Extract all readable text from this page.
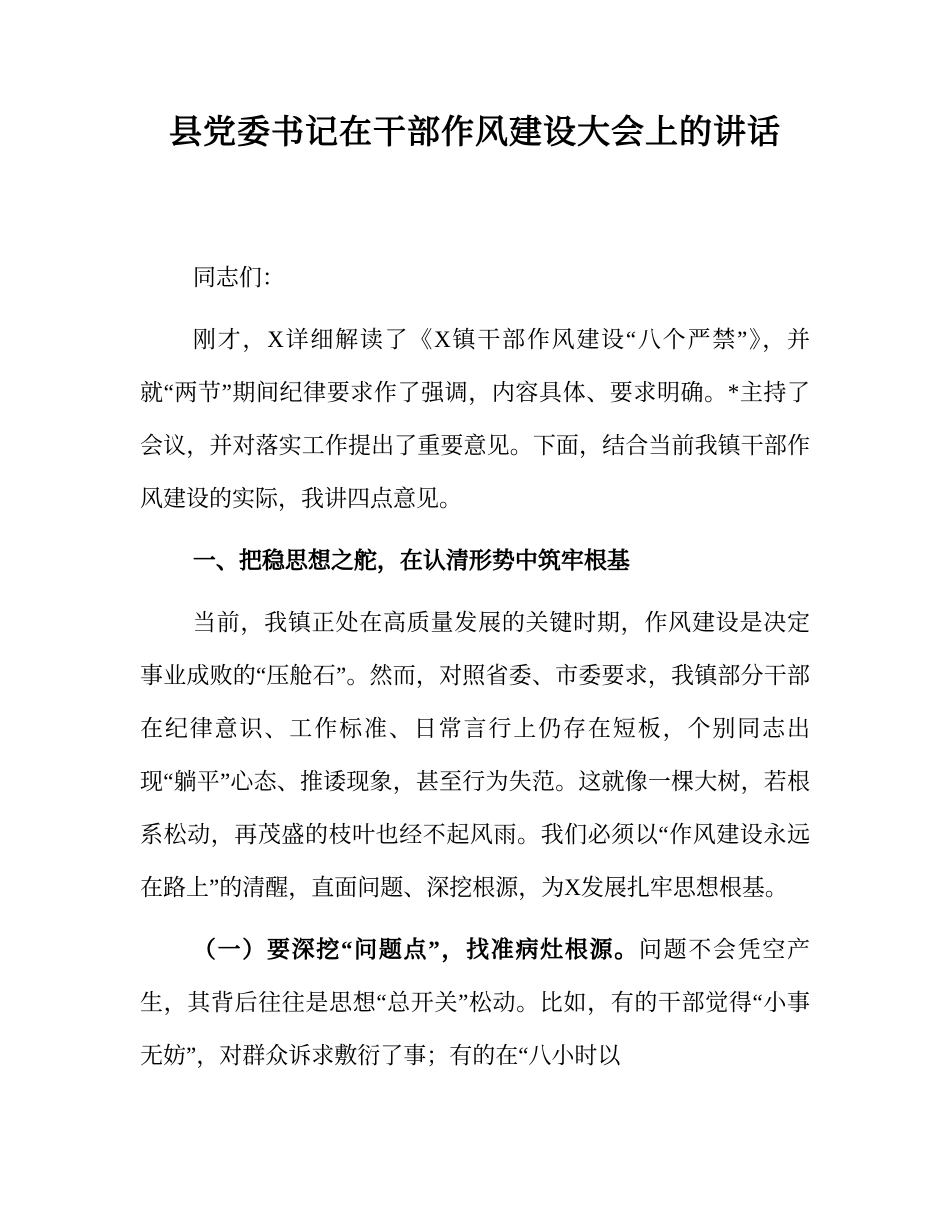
县党委书记在干部作风建设大会上的讲话

同志们：

刚才，X详细解读了《X镇干部作风建设“八个严禁”》，并就“两节”期间纪律要求作了强调，内容具体、要求明确。*主持了会议，并对落实工作提出了重要意见。下面，结合当前我镇干部作风建设的实际，我讲四点意见。

一、把稳思想之舵，在认清形势中筑牢根基

当前，我镇正处在高质量发展的关键时期，作风建设是决定事业成败的“压舱石”。然而，对照省委、市委要求，我镇部分干部在纪律意识、工作标准、日常言行上仍存在短板，个别同志出现“躺平”心态、推诿现象，甚至行为失范。这就像一棵大树，若根系松动，再茂盛的枝叶也经不起风雨。我们必须以“作风建设永远在路上”的清醒，直面问题、深挖根源，为X发展扎牢思想根基。

（一）要深挖“问题点”，找准病灶根源。问题不会凭空产生，其背后往往是思想“总开关”松动。比如，有的干部觉得“小事无妨”，对群众诉求敷衍了事；有的在“八小时以
